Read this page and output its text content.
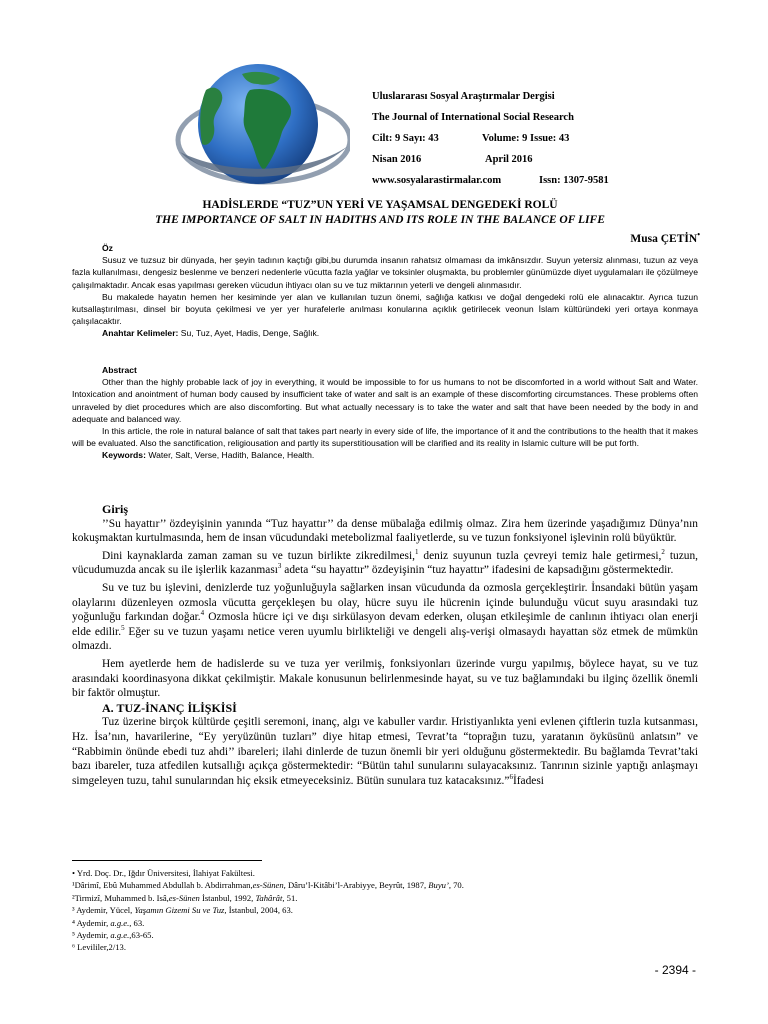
Uluslararası Sosyal Araştırmalar Dergisi
The Journal of International Social Research
Cilt: 9 Sayı: 43	Volume: 9 Issue: 43
Nisan 2016	April 2016
www.sosyalarastirmalar.com	Issn: 1307-9581
HADİSLERDE “TUZ”UN YERİ VE YAŞAMSAL DENGEDEKİ ROLÜ
THE IMPORTANCE OF SALT IN HADITHS AND ITS ROLE IN THE BALANCE OF LIFE
Musa ÇETİN•
Öz

Susuz ve tuzsuz bir dünyada, her şeyin tadının kaçtığı gibi,bu durumda insanın rahatsız olmaması da imkânsızdır. Suyun yetersiz alınması, tuzun az veya fazla kullanılması, dengesiz beslenme ve benzeri nedenlerle vücutta fazla yağlar ve toksinler oluşmakta, bu problemler günümüzde diyet uygulamaları ile çözülmeye çalışılmaktadır. Ancak esas yapılması gereken vücudun ihtiyacı olan su ve tuz miktarının yeterli ve dengeli alınmasıdır.

Bu makalede hayatın hemen her kesiminde yer alan ve kullanılan tuzun önemi, sağlığa katkısı ve doğal dengedeki rolü ele alınacaktır. Ayrıca tuzun kutsallaştırılması, dinsel bir boyuta çekilmesi ve yer yer hurafelerle anılması konularına açıklık getirilecek veonun İslam kültüründeki yeri ortaya konmaya çalışılacaktır.

Anahtar Kelimeler: Su, Tuz, Ayet, Hadis, Denge, Sağlık.

Abstract

Other than the highly probable lack of joy in everything, it would be impossible to for us humans to not be discomforted in a world without Salt and Water. Intoxication and anointment of human body caused by insufficient take of water and salt is an example of these discomforting circumstances. These problems often unraveled by diet procedures which are also discomforting. But what actually necessary is to take the water and salt that have been needed by the body in and adequate and balanced way.

In this article, the role in natural balance of salt that takes part nearly in every side of life, the importance of it and the contributions to the health that it makes will be evaluated. Also the sanctification, religiousation and partly its superstitiousation will be clarified and its reality in Islamic culture will be put forth.

Keywords: Water, Salt, Verse, Hadith, Balance, Health.

Giriş

’’Su hayattır’’ özdeyişinin yanında “Tuz hayattır’’ da dense mübalağa edilmiş olmaz. Zira hem üzerinde yaşadığımız Dünya’nın kokuşmaktan kurtulmasında, hem de insan vücudundaki metebolizmal faaliyetlerde, su ve tuzun fonksiyonel işlevinin rolü büyüktür.

Dini kaynaklarda zaman zaman su ve tuzun birlikte zikredilmesi,$^1$ deniz suyunun tuzla çevreyi temiz hale getirmesi,$^2$ tuzun, vücudumuzda ancak su ile işlerlik kazanması$^3$ adeta “su hayattır” özdeyişinin “tuz hayattır” ifadesini de kapsadığını göstermektedir.

Su ve tuz bu işlevini, denizlerde tuz yoğunluğuyla sağlarken insan vücudunda da ozmosla gerçekleştirir. İnsandaki bütün yaşam olaylarını düzenleyen ozmosla vücutta gerçekleşen bu olay, hücre suyu ile hücrenin içinde bulunduğu vücut suyu arasındaki tuz yoğunluğu farkından doğar.$^4$ Ozmosla hücre içi ve dışı sirkülasyon devam ederken, oluşan etkileşimle de canlının ihtiyacı olan enerji elde edilir.$^5$ Eğer su ve tuzun yaşamı netice veren uyumlu birlikteliği ve dengeli alış-verişi olmasaydı hayattan söz etmek de mümkün olmazdı.

Hem ayetlerde hem de hadislerde su ve tuza yer verilmiş, fonksiyonları üzerinde vurgu yapılmış, böylece hayat, su ve tuz arasındaki koordinasyona dikkat çekilmiştir. Makale konusunun belirlenmesinde hayat, su ve tuz bağlamındaki bu ilginç özellik önemli bir faktör olmuştur.

A. TUZ-İNANÇ İLİŞKİSİ

Tuz üzerine birçok kültürde çeşitli seremoni, inanç, algı ve kabuller vardır. Hristiyanlıkta yeni evlenen çiftlerin tuzla kutsanması, Hz. İsa’nın, havarilerine, “Ey yeryüzünün tuzları” diye hitap etmesi, Tevrat’ta “toprağın tuzu, yaratanın öyküsünü anlatsın” ve “Rabbimin önünde ebedi tuz ahdi’’ ibareleri; ilahi dinlerde de tuzun önemli bir yeri olduğunu göstermektedir. Bu bağlamda Tevrat’taki bazı ibareler, tuza atfedilen kutsallığı açıkça göstermektedir: “Bütün tahıl sunularını sulayacaksınız. Tanrının sizinle yaptığı anlaşmayı simgeleyen tuzu, tahıl sunularından hiç eksik etmeyeceksiniz. Bütün sunulara tuz katacaksınız.”$^6$İfadesi

• Yrd. Doç. Dr., Iğdır Üniversitesi, İlahiyat Fakültesi.
¹Dârimî, Ebû Muhammed Abdullah b. Abdirrahman,es-Sünen, Dâru’l-Kitâbi’l-Arabiyye, Beyrût, 1987, Buyu’, 70.
²Tirmizî, Muhammed b. Isâ,es-Sünen İstanbul, 1992, Tahârât, 51.
³ Aydemir, Yücel, Yaşamın Gizemi Su ve Tuz, İstanbul, 2004, 63.
⁴ Aydemir, a.g.e., 63.
⁵ Aydemir, a.g.e.,63-65.
⁶ Levililer,2/13.
- 2394 -
